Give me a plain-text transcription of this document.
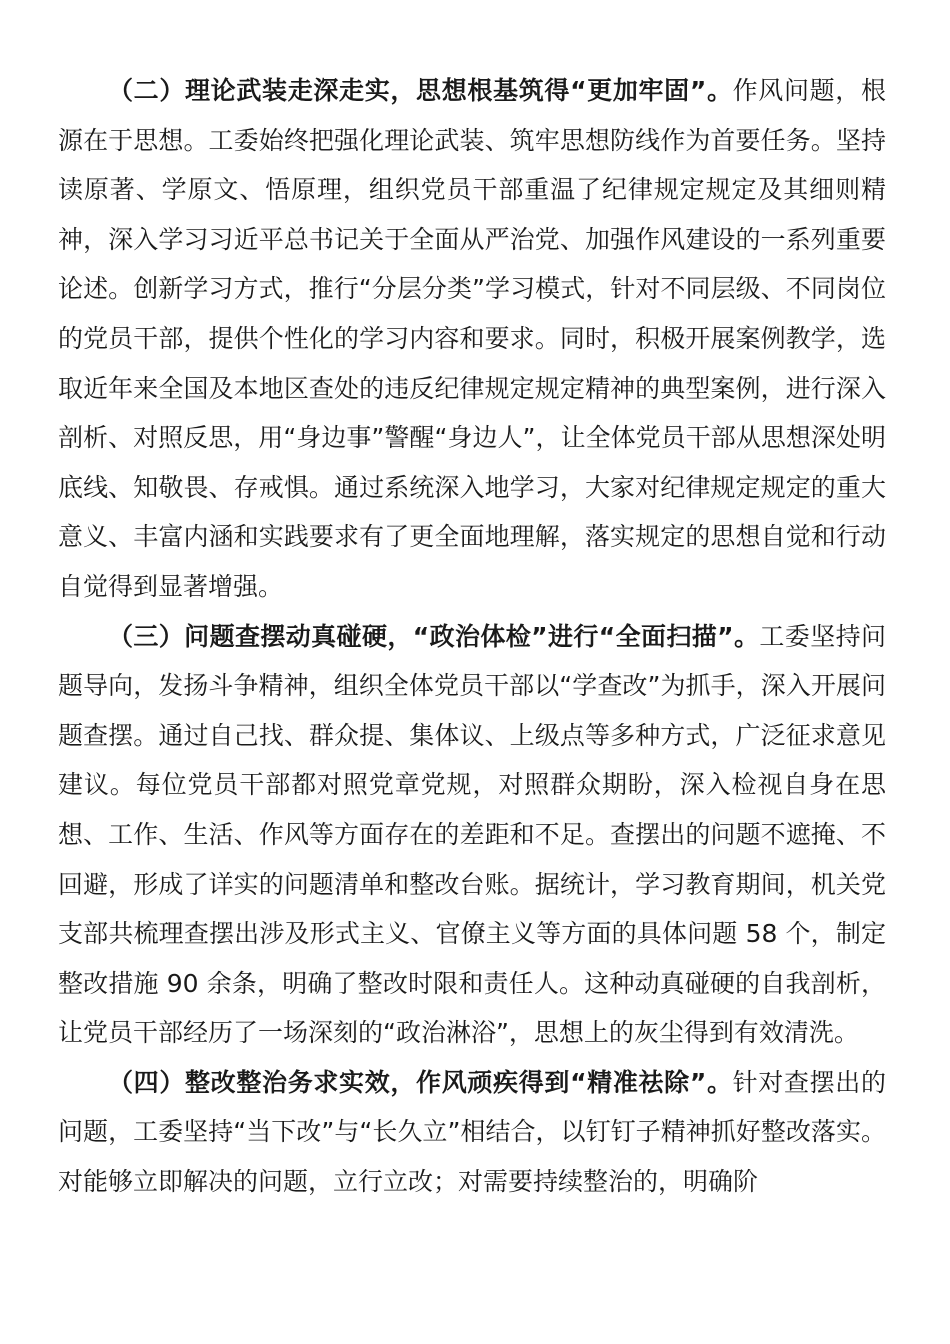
（二）理论武装走深走实，思想根基筑得“更加牢固”。作风问题，根源在于思想。工委始终把强化理论武装、筑牢思想防线作为首要任务。坚持读原著、学原文、悟原理，组织党员干部重温了纪律规定规定及其细则精神，深入学习习近平总书记关于全面从严治党、加强作风建设的一系列重要论述。创新学习方式，推行“分层分类”学习模式，针对不同层级、不同岗位的党员干部，提供个性化的学习内容和要求。同时，积极开展案例教学，选取近年来全国及本地区查处的违反纪律规定规定精神的典型案例，进行深入剖析、对照反思，用“身边事”警醒“身边人”，让全体党员干部从思想深处明底线、知敬畏、存戒惧。通过系统深入地学习，大家对纪律规定规定的重大意义、丰富内涵和实践要求有了更全面地理解，落实规定的思想自觉和行动自觉得到显著增强。

（三）问题查摆动真碰硬，“政治体检”进行“全面扫描”。工委坚持问题导向，发扬斗争精神，组织全体党员干部以“学查改”为抓手，深入开展问题查摆。通过自己找、群众提、集体议、上级点等多种方式，广泛征求意见建议。每位党员干部都对照党章党规，对照群众期盼，深入检视自身在思想、工作、生活、作风等方面存在的差距和不足。查摆出的问题不遮掩、不回避，形成了详实的问题清单和整改台账。据统计，学习教育期间，机关党支部共梳理查摆出涉及形式主义、官僚主义等方面的具体问题 58 个，制定整改措施 90 余条，明确了整改时限和责任人。这种动真碰硬的自我剖析，让党员干部经历了一场深刻的“政治淋浴”，思想上的灰尘得到有效清洗。

（四）整改整治务求实效，作风顽疾得到“精准祛除”。针对查摆出的问题，工委坚持“当下改”与“长久立”相结合，以钉钉子精神抓好整改落实。对能够立即解决的问题，立行立改；对需要持续整治的，明确阶
